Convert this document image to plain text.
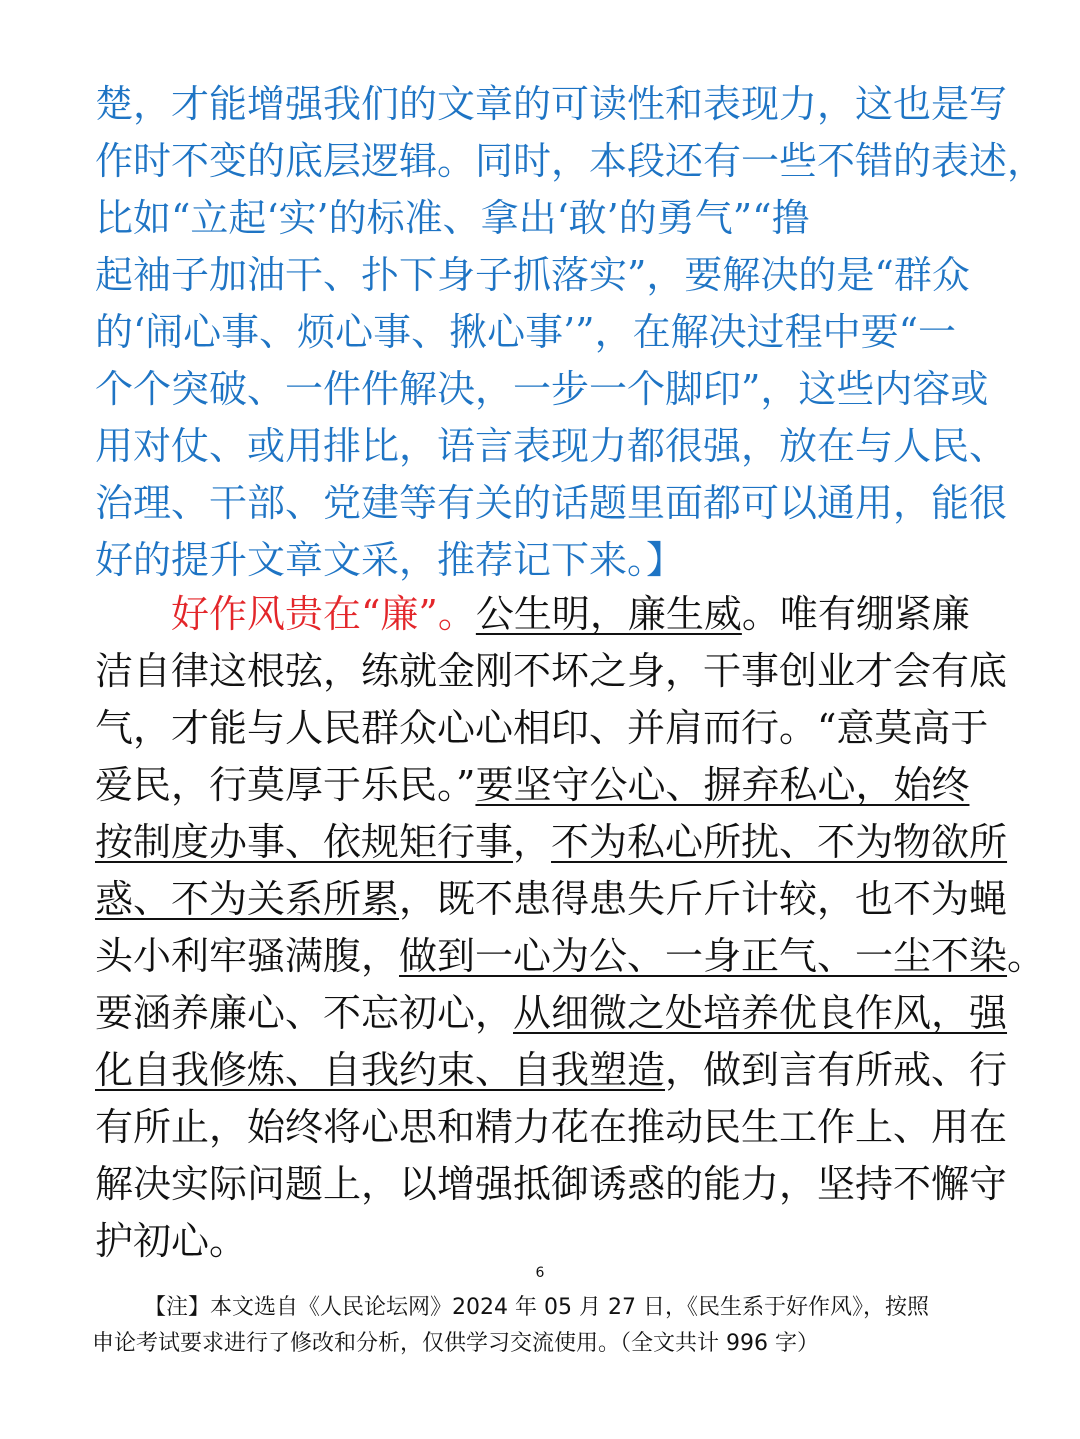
楚，才能增强我们的文章的可读性和表现力，这也是写
作时不变的底层逻辑。同时，本段还有一些不错的表述，
比如“立起‘实’的标准、拿出‘敢’的勇气”“撸
起袖子加油干、扑下身子抓落实”，要解决的是“群众
的‘闹心事、烦心事、揪心事’”，在解决过程中要“一
个个突破、一件件解决，一步一个脚印”，这些内容或
用对仗、或用排比，语言表现力都很强，放在与人民、
治理、干部、党建等有关的话题里面都可以通用，能很
好的提升文章文采，推荐记下来。】
好作风贵在“廉”。公生明，廉生威。唯有绷紧廉
洁自律这根弦，练就金刚不坏之身，干事创业才会有底
气，才能与人民群众心心相印、并肩而行。“意莫高于
爱民，行莫厚于乐民。”要坚守公心、摒弃私心，始终
按制度办事、依规矩行事，不为私心所扰、不为物欲所
惑、不为关系所累，既不患得患失斤斤计较，也不为蝇
头小利牢骚满腹，做到一心为公、一身正气、一尘不染。
要涵养廉心、不忘初心，从细微之处培养优良作风，强
化自我修炼、自我约束、自我塑造，做到言有所戒、行
有所止，始终将心思和精力花在推动民生工作上、用在
解决实际问题上，以增强抵御诱惑的能力，坚持不懈守
护初心。
6
【注】本文选自《人民论坛网》2024 年 05 月 27 日，《民生系于好作风》，按照
申论考试要求进行了修改和分析，仅供学习交流使用。（全文共计 996 字）
